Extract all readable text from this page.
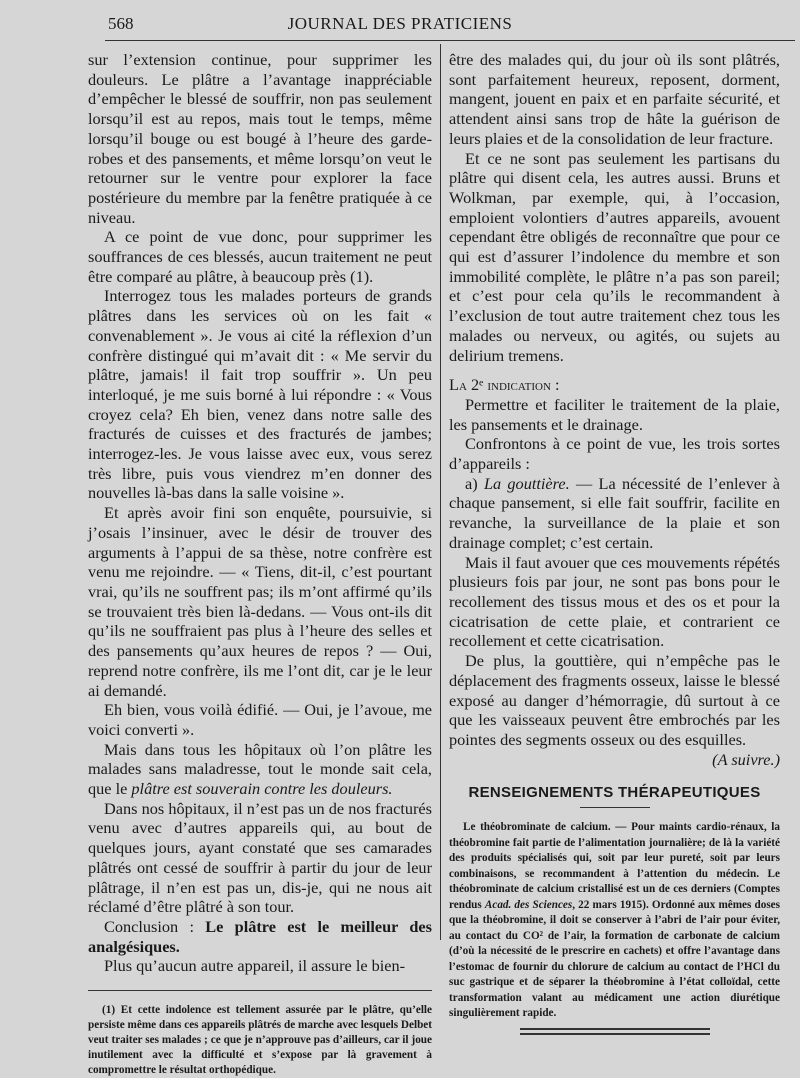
568	JOURNAL DES PRATICIENS

sur l’extension continue, pour supprimer les douleurs. Le plâtre a l’avantage inappréciable d’empêcher le blessé de souffrir, non pas seulement lorsqu’il est au repos, mais tout le temps, même lorsqu’il bouge ou est bougé à l’heure des garde-robes et des pansements, et même lorsqu’on veut le retourner sur le ventre pour explorer la face postérieure du membre par la fenêtre pratiquée à ce niveau.

A ce point de vue donc, pour supprimer les souffrances de ces blessés, aucun traitement ne peut être comparé au plâtre, à beaucoup près (1).

Interrogez tous les malades porteurs de grands plâtres dans les services où on les fait « convenablement ». Je vous ai cité la réflexion d’un confrère distingué qui m’avait dit : « Me servir du plâtre, jamais! il fait trop souffrir ». Un peu interloqué, je me suis borné à lui répondre : « Vous croyez cela? Eh bien, venez dans notre salle des fracturés de cuisses et des fracturés de jambes; interrogez-les. Je vous laisse avec eux, vous serez très libre, puis vous viendrez m’en donner des nouvelles là-bas dans la salle voisine ».

Et après avoir fini son enquête, poursuivie, si j’osais l’insinuer, avec le désir de trouver des arguments à l’appui de sa thèse, notre confrère est venu me rejoindre. — « Tiens, dit-il, c’est pourtant vrai, qu’ils ne souffrent pas; ils m’ont affirmé qu’ils se trouvaient très bien là-dedans. — Vous ont-ils dit qu’ils ne souffraient pas plus à l’heure des selles et des pansements qu’aux heures de repos ? — Oui, reprend notre confrère, ils me l’ont dit, car je le leur ai demandé.

Eh bien, vous voilà édifié. — Oui, je l’avoue, me voici converti ».

Mais dans tous les hôpitaux où l’on plâtre les malades sans maladresse, tout le monde sait cela, que le plâtre est souverain contre les douleurs.

Dans nos hôpitaux, il n’est pas un de nos fracturés venu avec d’autres appareils qui, au bout de quelques jours, ayant constaté que ses camarades plâtrés ont cessé de souffrir à partir du jour de leur plâtrage, il n’en est pas un, dis-je, qui ne nous ait réclamé d’être plâtré à son tour.

Conclusion : Le plâtre est le meilleur des analgésiques.

Plus qu’aucun autre appareil, il assure le bien-

(1) Et cette indolence est tellement assurée par le plâtre, qu’elle persiste même dans ces appareils plâtrés de marche avec lesquels Delbet veut traiter ses malades ; ce que je n’approuve pas d’ailleurs, car il joue inutilement avec la difficulté et s’expose par là gravement à compromettre le résultat orthopédique.

être des malades qui, du jour où ils sont plâtrés, sont parfaitement heureux, reposent, dorment, mangent, jouent en paix et en parfaite sécurité, et attendent ainsi sans trop de hâte la guérison de leurs plaies et de la consolidation de leur fracture.

Et ce ne sont pas seulement les partisans du plâtre qui disent cela, les autres aussi. Bruns et Wolkman, par exemple, qui, à l’occasion, emploient volontiers d’autres appareils, avouent cependant être obligés de reconnaître que pour ce qui est d’assurer l’indolence du membre et son immobilité complète, le plâtre n’a pas son pareil; et c’est pour cela qu’ils le recommandent à l’exclusion de tout autre traitement chez tous les malades ou nerveux, ou agités, ou sujets au delirium tremens.

La 2ᵉ indication :

Permettre et faciliter le traitement de la plaie, les pansements et le drainage.

Confrontons à ce point de vue, les trois sortes d’appareils :

a) La gouttière. — La nécessité de l’enlever à chaque pansement, si elle fait souffrir, facilite en revanche, la surveillance de la plaie et son drainage complet; c’est certain.

Mais il faut avouer que ces mouvements répétés plusieurs fois par jour, ne sont pas bons pour le recollement des tissus mous et des os et pour la cicatrisation de cette plaie, et contrarient ce recollement et cette cicatrisation.

De plus, la gouttière, qui n’empêche pas le déplacement des fragments osseux, laisse le blessé exposé au danger d’hémorragie, dû surtout à ce que les vaisseaux peuvent être embrochés par les pointes des segments osseux ou des esquilles.

(A suivre.)

RENSEIGNEMENTS THÉRAPEUTIQUES

Le théobrominate de calcium. — Pour maints cardio-rénaux, la théobromine fait partie de l’alimentation journalière; de là la variété des produits spécialisés qui, soit par leur pureté, soit par leurs combinaisons, se recommandent à l’attention du médecin. Le théobrominate de calcium cristallisé est un de ces derniers (Comptes rendus Acad. des Sciences, 22 mars 1915). Ordonné aux mêmes doses que la théobromine, il doit se conserver à l’abri de l’air pour éviter, au contact du CO² de l’air, la formation de carbonate de calcium (d’où la nécessité de le prescrire en cachets) et offre l’avantage dans l’estomac de fournir du chlorure de calcium au contact de l’HCl du suc gastrique et de séparer la théobromine à l’état colloïdal, cette transformation valant au médicament une action diurétique singulièrement rapide.
